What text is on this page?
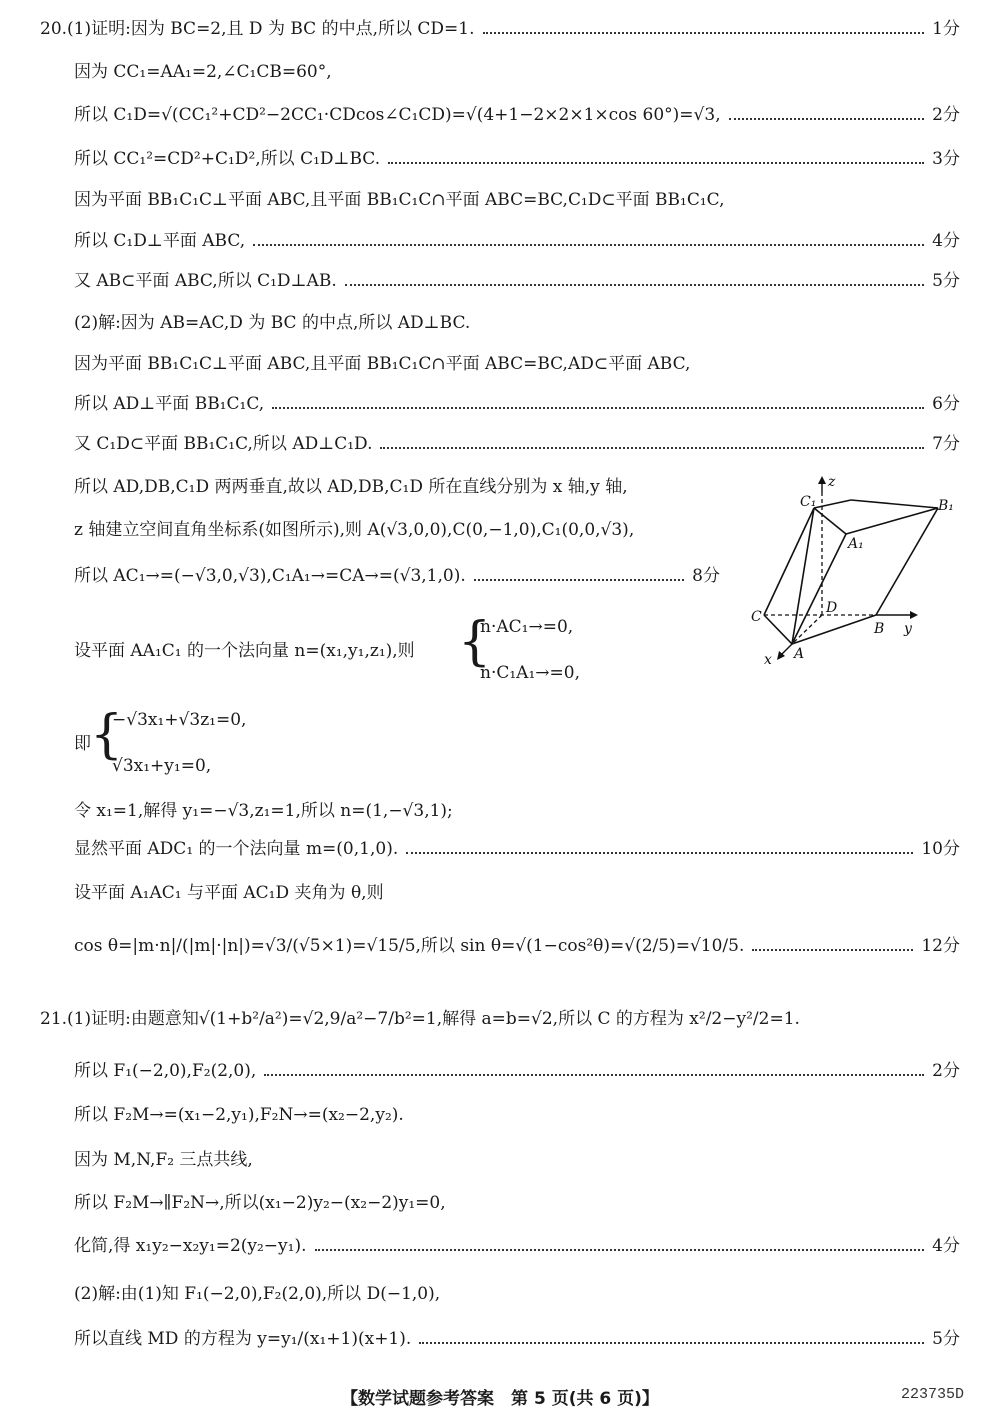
20.(1)证明:因为 BC=2,且 D 为 BC 的中点,所以 CD=1.	1分
因为 CC₁=AA₁=2,∠C₁CB=60°,
所以 C₁D=√(CC₁²+CD²−2CC₁·CDcos∠C₁CD)=√(4+1−2×2×1×cos 60°)=√3,	2分
所以 CC₁²=CD²+C₁D²,所以 C₁D⊥BC.	3分
因为平面 BB₁C₁C⊥平面 ABC,且平面 BB₁C₁C∩平面 ABC=BC,C₁D⊂平面 BB₁C₁C,
所以 C₁D⊥平面 ABC,	4分
又 AB⊂平面 ABC,所以 C₁D⊥AB.	5分
(2)解:因为 AB=AC,D 为 BC 的中点,所以 AD⊥BC.
因为平面 BB₁C₁C⊥平面 ABC,且平面 BB₁C₁C∩平面 ABC=BC,AD⊂平面 ABC,
所以 AD⊥平面 BB₁C₁C,	6分
又 C₁D⊂平面 BB₁C₁C,所以 AD⊥C₁D.	7分
所以 AD,DB,C₁D 两两垂直,故以 AD,DB,C₁D 所在直线分别为 x 轴,y 轴,
z 轴建立空间直角坐标系(如图所示),则 A(√3,0,0),C(0,−1,0),C₁(0,0,√3),
所以 AC₁→=(−√3,0,√3),C₁A₁→=CA→=(√3,1,0).	8分
设平面 AA₁C₁ 的一个法向量 n=(x₁,y₁,z₁),则 {
n·AC₁→=0,
n·C₁A₁→=0,
即 {
−√3x₁+√3z₁=0,
√3x₁+y₁=0,
令 x₁=1,解得 y₁=−√3,z₁=1,所以 n=(1,−√3,1);
显然平面 ADC₁ 的一个法向量 m=(0,1,0).	10分
设平面 A₁AC₁ 与平面 AC₁D 夹角为 θ,则
cos θ=|m·n|/(|m|·|n|)=√3/(√5×1)=√15/5,所以 sin θ=√(1−cos²θ)=√(2/5)=√10/5.	12分
21.(1)证明:由题意知√(1+b²/a²)=√2,9/a²−7/b²=1,解得 a=b=√2,所以 C 的方程为 x²/2−y²/2=1.
所以 F₁(−2,0),F₂(2,0),	2分
所以 F₂M→=(x₁−2,y₁),F₂N→=(x₂−2,y₂).
因为 M,N,F₂ 三点共线,
所以 F₂M→∥F₂N→,所以(x₁−2)y₂−(x₂−2)y₁=0,
化简,得 x₁y₂−x₂y₁=2(y₂−y₁).	4分
(2)解:由(1)知 F₁(−2,0),F₂(2,0),所以 D(−1,0),
所以直线 MD 的方程为 y=y₁/(x₁+1)(x+1).	5分
C₁
z
B₁
A₁
C
D
B y
x A
【数学试题参考答案　第 5 页(共 6 页)】	223735D
